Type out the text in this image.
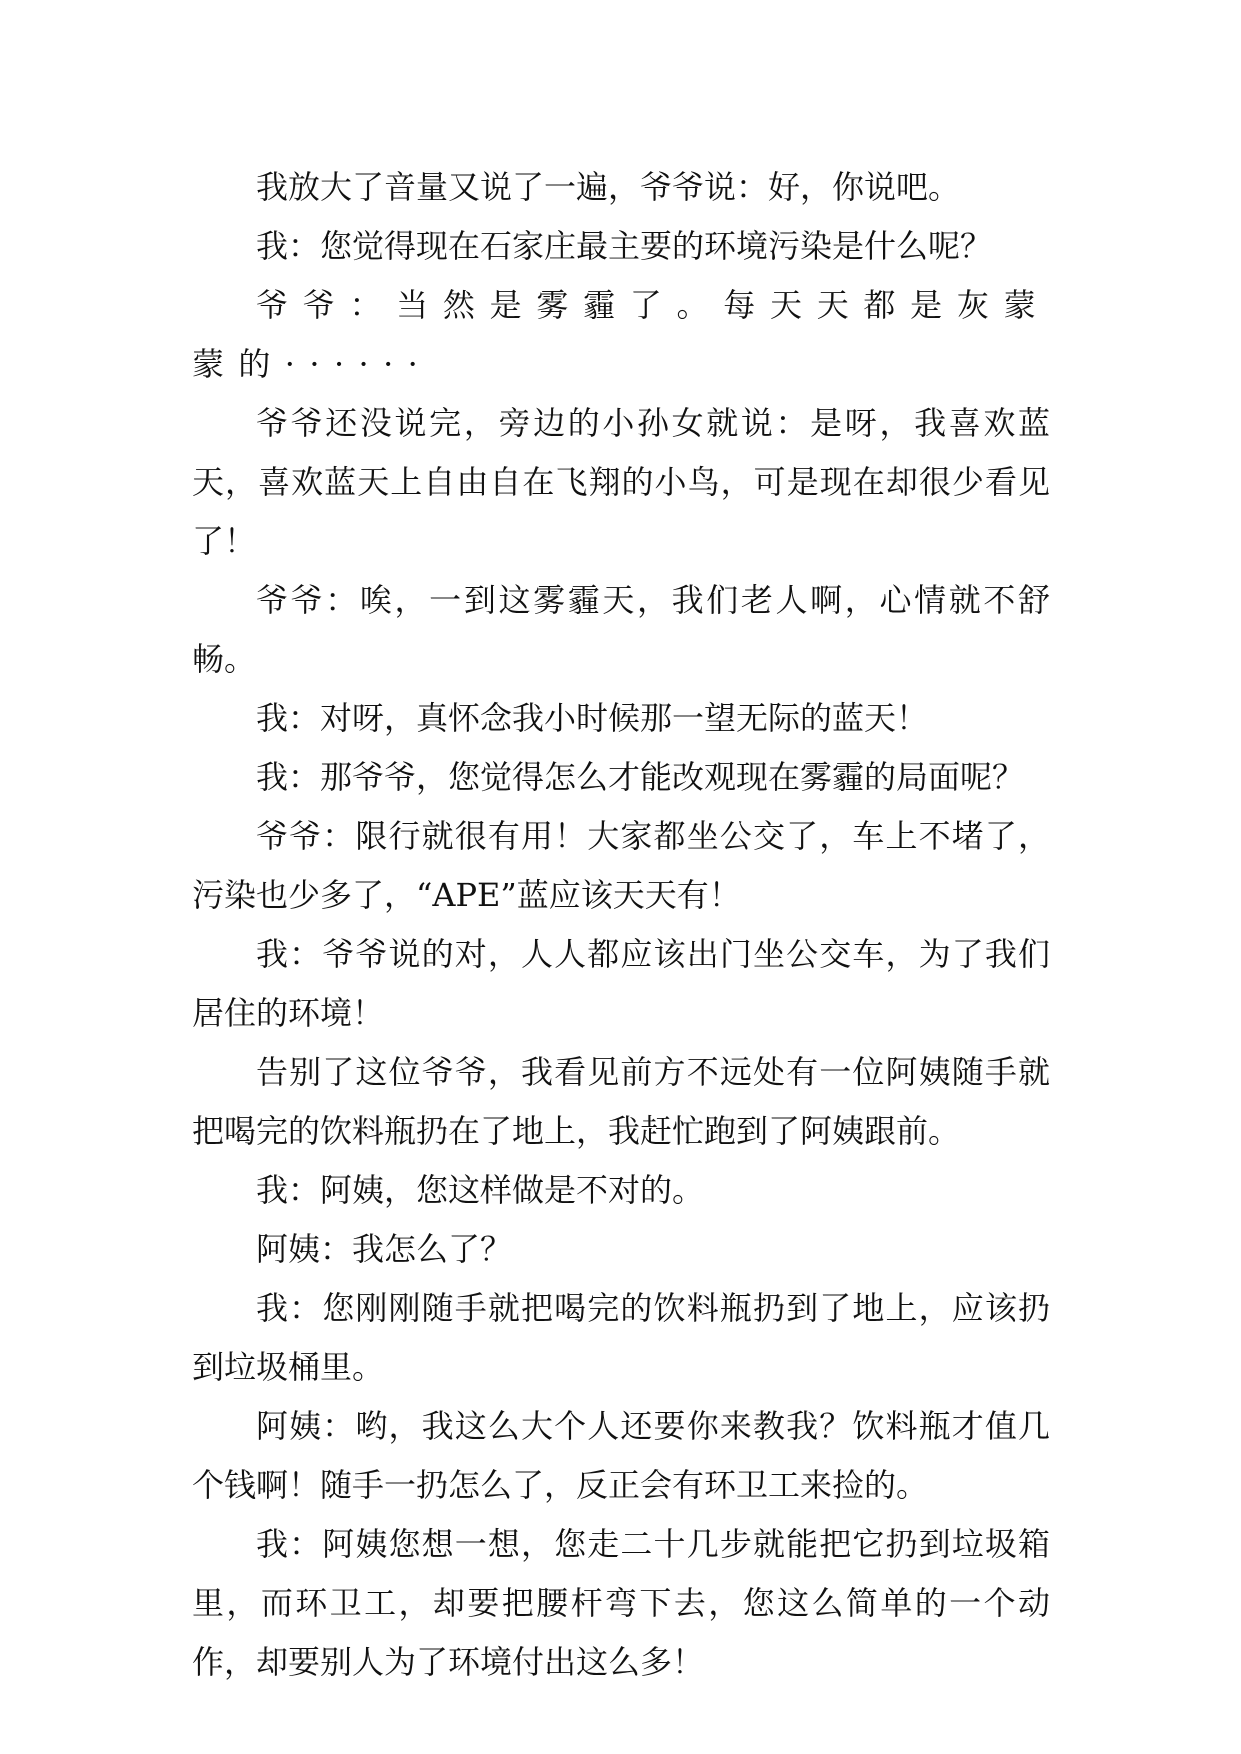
我放大了音量又说了一遍，爷爷说：好，你说吧。

我：您觉得现在石家庄最主要的环境污染是什么呢？

爷爷：当然是雾霾了。每天天都是灰蒙蒙的······

爷爷还没说完，旁边的小孙女就说：是呀，我喜欢蓝天，喜欢蓝天上自由自在飞翔的小鸟，可是现在却很少看见了！

爷爷：唉，一到这雾霾天，我们老人啊，心情就不舒畅。

我：对呀，真怀念我小时候那一望无际的蓝天！

我：那爷爷，您觉得怎么才能改观现在雾霾的局面呢？

爷爷：限行就很有用！大家都坐公交了，车上不堵了，污染也少多了，“APE”蓝应该天天有！

我：爷爷说的对，人人都应该出门坐公交车，为了我们居住的环境！

告别了这位爷爷，我看见前方不远处有一位阿姨随手就把喝完的饮料瓶扔在了地上，我赶忙跑到了阿姨跟前。

我：阿姨，您这样做是不对的。

阿姨：我怎么了？

我：您刚刚随手就把喝完的饮料瓶扔到了地上，应该扔到垃圾桶里。

阿姨：哟，我这么大个人还要你来教我？饮料瓶才值几个钱啊！随手一扔怎么了，反正会有环卫工来捡的。

我：阿姨您想一想，您走二十几步就能把它扔到垃圾箱里，而环卫工，却要把腰杆弯下去，您这么简单的一个动作，却要别人为了环境付出这么多！
